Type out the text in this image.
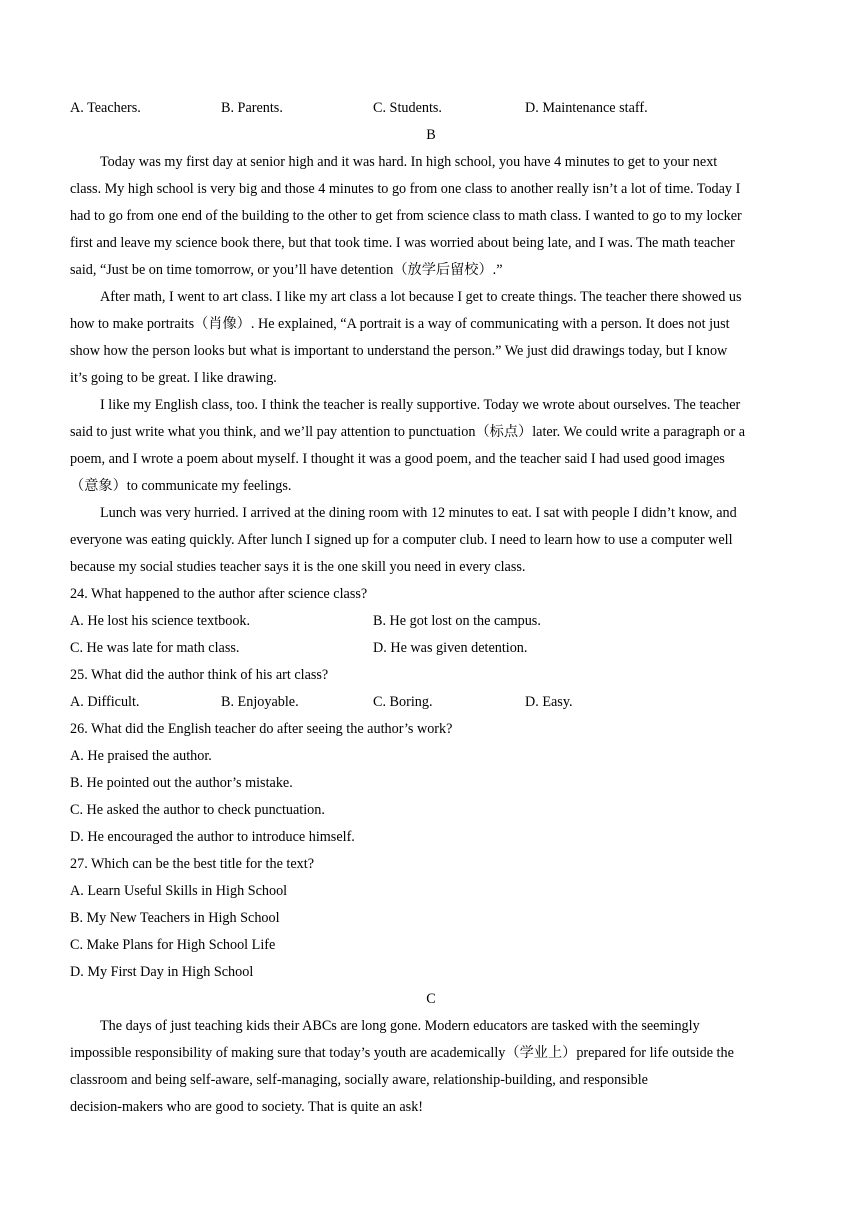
A. Teachers.	B. Parents.	C. Students.	D. Maintenance staff.
B
Today was my first day at senior high and it was hard. In high school, you have 4 minutes to get to your next
class. My high school is very big and those 4 minutes to go from one class to another really isn’t a lot of time. Today I
had to go from one end of the building to the other to get from science class to math class. I wanted to go to my locker
first and leave my science book there, but that took time. I was worried about being late, and I was. The math teacher
said, “Just be on time tomorrow, or you’ll have detention（放学后留校）.”
After math, I went to art class. I like my art class a lot because I get to create things. The teacher there showed us
how to make portraits（肖像）. He explained, “A portrait is a way of communicating with a person. It does not just
show how the person looks but what is important to understand the person.” We just did drawings today, but I know
it’s going to be great. I like drawing.
I like my English class, too. I think the teacher is really supportive. Today we wrote about ourselves. The teacher
said to just write what you think, and we’ll pay attention to punctuation（标点）later. We could write a paragraph or a
poem, and I wrote a poem about myself. I thought it was a good poem, and the teacher said I had used good images
（意象）to communicate my feelings.
Lunch was very hurried. I arrived at the dining room with 12 minutes to eat. I sat with people I didn’t know, and
everyone was eating quickly. After lunch I signed up for a computer club. I need to learn how to use a computer well
because my social studies teacher says it is the one skill you need in every class.
24. What happened to the author after science class?
A. He lost his science textbook.	B. He got lost on the campus.
C. He was late for math class.	D. He was given detention.
25. What did the author think of his art class?
A. Difficult.	B. Enjoyable.	C. Boring.	D. Easy.
26. What did the English teacher do after seeing the author’s work?
A. He praised the author.
B. He pointed out the author’s mistake.
C. He asked the author to check punctuation.
D. He encouraged the author to introduce himself.
27. Which can be the best title for the text?
A. Learn Useful Skills in High School
B. My New Teachers in High School
C. Make Plans for High School Life
D. My First Day in High School
C
The days of just teaching kids their ABCs are long gone. Modern educators are tasked with the seemingly
impossible responsibility of making sure that today’s youth are academically（学业上）prepared for life outside the
classroom and being self-aware, self-managing, socially aware, relationship-building, and responsible
decision-makers who are good to society. That is quite an ask!
